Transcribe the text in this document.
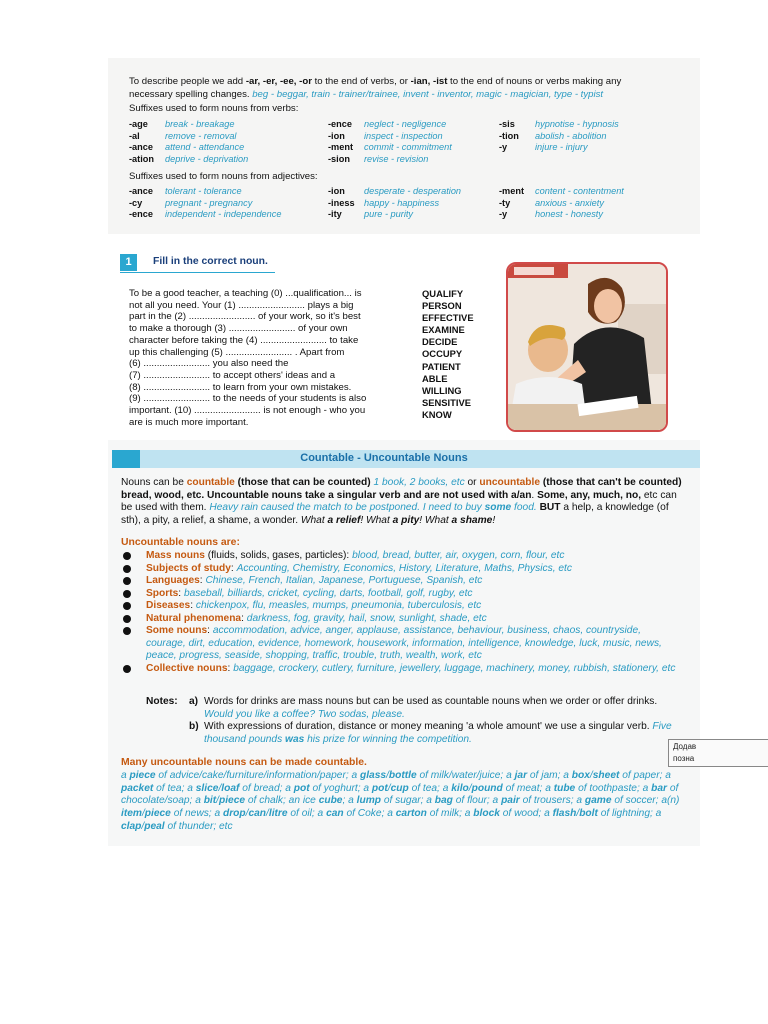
To describe people we add -ar, -er, -ee, -or to the end of verbs, or -ian, -ist to the end of nouns or verbs making any necessary spelling changes. beg - beggar, train - trainer/trainee, invent - inventor, magic - magician, type - typist
Suffixes used to form nouns from verbs:
-age break - breakage
-al	remove - removal
-ance attend - attendance
-ation deprive - deprivation
-ence neglect - negligence
-ion inspect - inspection
-ment commit - commitment
-sion revise - revision
-sis hypnotise - hypnosis
-tion abolish - abolition
-y	injure - injury
Suffixes used to form nouns from adjectives:
-ance tolerant - tolerance
-cy pregnant - pregnancy
-ence independent - independence
-ion desperate - desperation
-iness happy - happiness
-ity pure - purity
-ment content - contentment
-ty	anxious - anxiety
-y	honest - honesty
1	Fill in the correct noun.
To be a good teacher, a teaching (0) ...qualification... is
not all you need. Your (1) ......................... plays a big
part in the (2) ......................... of your work, so it's best
to make a thorough (3) ......................... of your own
character before taking the (4) ......................... to take
up this challenging (5) ......................... . Apart from
(6) ......................... you also need the
(7) ......................... to accept others' ideas and a
(8) ......................... to learn from your own mistakes.
(9) ......................... to the needs of your students is also
important. (10) ......................... is not enough - who you
are is much more important.
QUALIFY
PERSON
EFFECTIVE
EXAMINE
DECIDE
OCCUPY
PATIENT
ABLE
WILLING
SENSITIVE
KNOW
Countable - Uncountable Nouns
Nouns can be countable (those that can be counted) 1 book, 2 books, etc or uncountable (those that can't be counted) bread, wood, etc. Uncountable nouns take a singular verb and are not used with a/an. Some, any, much, no, etc can be used with them. Heavy rain caused the match to be postponed. I need to buy some food. BUT a help, a knowledge (of sth), a pity, a relief, a shame, a wonder. What a relief! What a pity! What a shame!
Uncountable nouns are:
Mass nouns (fluids, solids, gases, particles): blood, bread, butter, air, oxygen, corn, flour, etc
Subjects of study: Accounting, Chemistry, Economics, History, Literature, Maths, Physics, etc
Languages: Chinese, French, Italian, Japanese, Portuguese, Spanish, etc
Sports: baseball, billiards, cricket, cycling, darts, football, golf, rugby, etc
Diseases: chickenpox, flu, measles, mumps, pneumonia, tuberculosis, etc
Natural phenomena: darkness, fog, gravity, hail, snow, sunlight, shade, etc
Some nouns: accommodation, advice, anger, applause, assistance, behaviour, business, chaos, countryside, courage, dirt, education, evidence, homework, housework, information, intelligence, knowledge, luck, music, news, peace, progress, seaside, shopping, traffic, trouble, truth, wealth, work, etc
Collective nouns: baggage, crockery, cutlery, furniture, jewellery, luggage, machinery, money, rubbish, stationery, etc
Notes: a) Words for drinks are mass nouns but can be used as countable nouns when we order or offer drinks. Would you like a coffee? Two sodas, please.
b) With expressions of duration, distance or money meaning 'a whole amount' we use a singular verb. Five thousand pounds was his prize for winning the competition.
Many uncountable nouns can be made countable.
a piece of advice/cake/furniture/information/paper; a glass/bottle of milk/water/juice; a jar of jam; a box/sheet of paper; a packet of tea; a slice/loaf of bread; a pot of yoghurt; a pot/cup of tea; a kilo/pound of meat; a tube of toothpaste; a bar of chocolate/soap; a bit/piece of chalk; an ice cube; a lump of sugar; a bag of flour; a pair of trousers; a game of soccer; a(n) item/piece of news; a drop/can/litre of oil; a can of Coke; a carton of milk; a block of wood; a flash/bolt of lightning; a clap/peal of thunder; etc
Додав
позна
